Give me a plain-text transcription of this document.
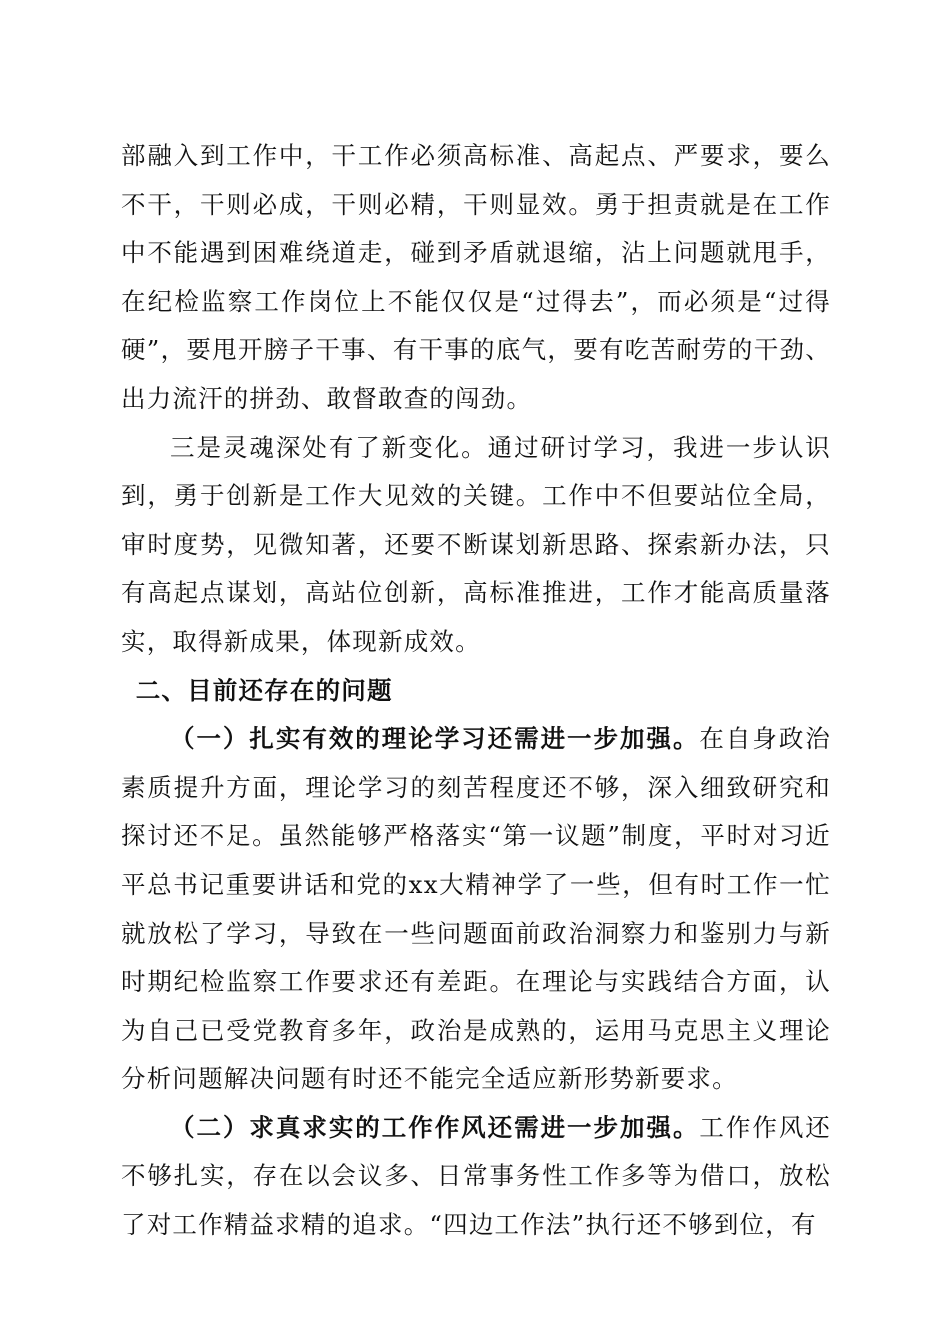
部融入到工作中，干工作必须高标准、高起点、严要求，要么不干，干则必成，干则必精，干则显效。勇于担责就是在工作中不能遇到困难绕道走，碰到矛盾就退缩，沾上问题就甩手，在纪检监察工作岗位上不能仅仅是“过得去”，而必须是“过得硬”，要甩开膀子干事、有干事的底气，要有吃苦耐劳的干劲、出力流汗的拼劲、敢督敢查的闯劲。

三是灵魂深处有了新变化。通过研讨学习，我进一步认识到，勇于创新是工作大见效的关键。工作中不但要站位全局，审时度势，见微知著，还要不断谋划新思路、探索新办法，只有高起点谋划，高站位创新，高标准推进，工作才能高质量落实，取得新成果，体现新成效。

二、目前还存在的问题

（一）扎实有效的理论学习还需进一步加强。在自身政治素质提升方面，理论学习的刻苦程度还不够，深入细致研究和探讨还不足。虽然能够严格落实“第一议题”制度，平时对习近平总书记重要讲话和党的xx大精神学了一些，但有时工作一忙就放松了学习，导致在一些问题面前政治洞察力和鉴别力与新时期纪检监察工作要求还有差距。在理论与实践结合方面，认为自己已受党教育多年，政治是成熟的，运用马克思主义理论分析问题解决问题有时还不能完全适应新形势新要求。

（二）求真求实的工作作风还需进一步加强。工作作风还不够扎实，存在以会议多、日常事务性工作多等为借口，放松了对工作精益求精的追求。“四边工作法”执行还不够到位，有
